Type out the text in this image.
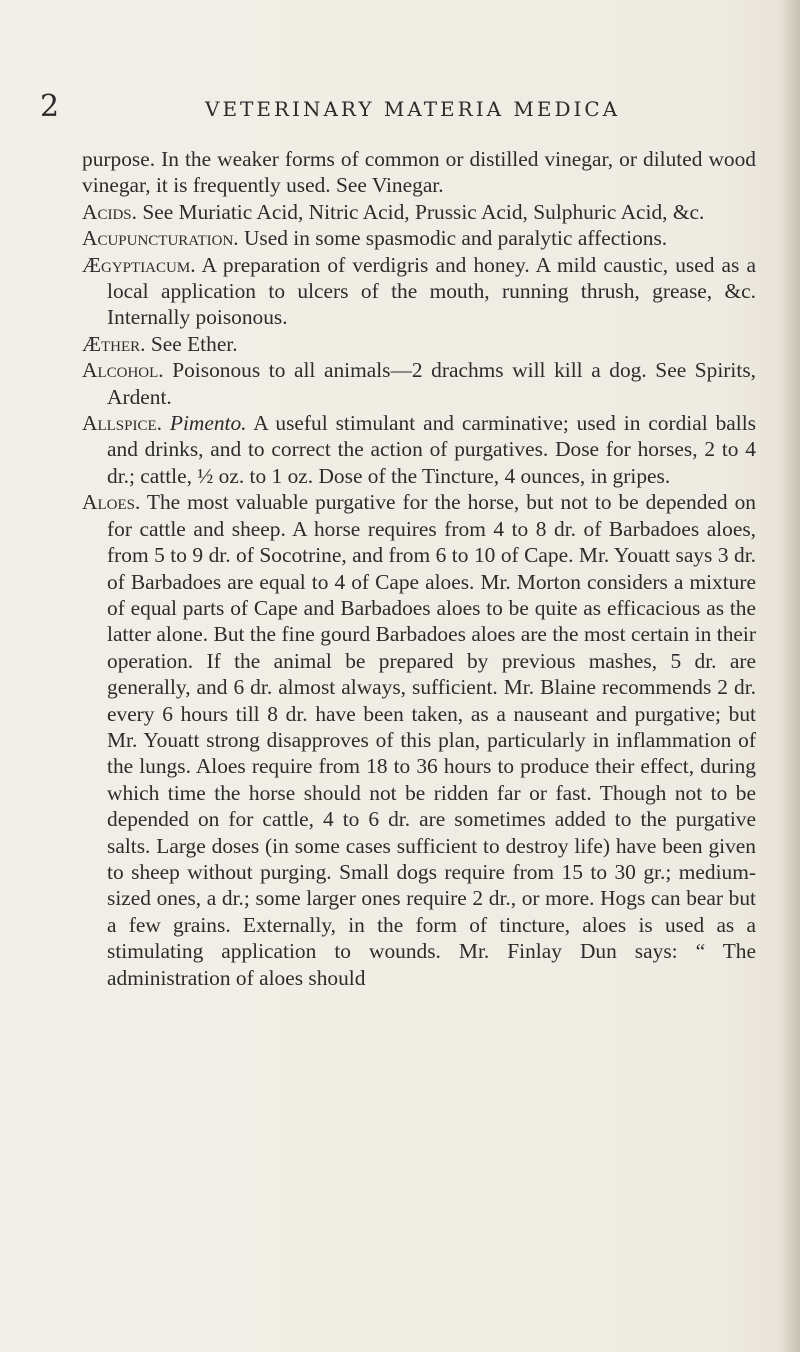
2	VETERINARY MATERIA MEDICA

purpose. In the weaker forms of common or distilled vinegar, or diluted wood vinegar, it is frequently used. See Vinegar.

Acids. See Muriatic Acid, Nitric Acid, Prussic Acid, Sulphuric Acid, &c.

Acupuncturation. Used in some spasmodic and paralytic affections.

Ægyptiacum. A preparation of verdigris and honey. A mild caustic, used as a local application to ulcers of the mouth, running thrush, grease, &c. Internally poisonous.

Æther. See Ether.

Alcohol. Poisonous to all animals—2 drachms will kill a dog. See Spirits, Ardent.

Allspice. Pimento. A useful stimulant and carminative; used in cordial balls and drinks, and to correct the action of purgatives. Dose for horses, 2 to 4 dr.; cattle, ½ oz. to 1 oz. Dose of the Tincture, 4 ounces, in gripes.

Aloes. The most valuable purgative for the horse, but not to be depended on for cattle and sheep. A horse requires from 4 to 8 dr. of Barbadoes aloes, from 5 to 9 dr. of Socotrine, and from 6 to 10 of Cape. Mr. Youatt says 3 dr. of Barbadoes are equal to 4 of Cape aloes. Mr. Morton considers a mixture of equal parts of Cape and Barbadoes aloes to be quite as efficacious as the latter alone. But the fine gourd Barbadoes aloes are the most certain in their operation. If the animal be prepared by previous mashes, 5 dr. are generally, and 6 dr. almost always, sufficient. Mr. Blaine recommends 2 dr. every 6 hours till 8 dr. have been taken, as a nauseant and purgative; but Mr. Youatt strong disapproves of this plan, particularly in inflammation of the lungs. Aloes require from 18 to 36 hours to produce their effect, during which time the horse should not be ridden far or fast. Though not to be depended on for cattle, 4 to 6 dr. are sometimes added to the purgative salts. Large doses (in some cases sufficient to destroy life) have been given to sheep without purging. Small dogs require from 15 to 30 gr.; medium-sized ones, a dr.; some larger ones require 2 dr., or more. Hogs can bear but a few grains. Externally, in the form of tincture, aloes is used as a stimulating application to wounds. Mr. Finlay Dun says: “ The administration of aloes should
